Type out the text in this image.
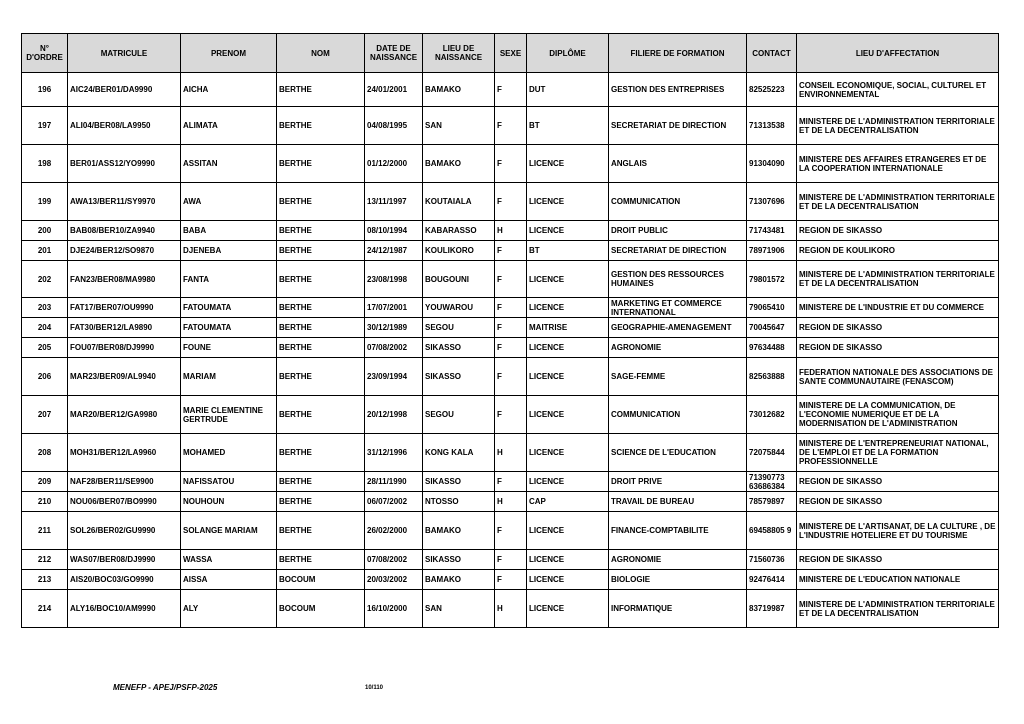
N° D'ORDRE	MATRICULE	PRENOM	NOM	DATE DE NAISSANCE	LIEU DE NAISSANCE	SEXE	DIPLÔME	FILIERE DE FORMATION	CONTACT	LIEU D'AFFECTATION
196	AIC24/BER01/DA9990	AICHA	BERTHE	24/01/2001	BAMAKO	F	DUT	GESTION DES ENTREPRISES	82525223	CONSEIL ECONOMIQUE, SOCIAL, CULTUREL ET ENVIRONNEMENTAL
197	ALI04/BER08/LA9950	ALIMATA	BERTHE	04/08/1995	SAN	F	BT	SECRETARIAT DE DIRECTION	71313538	MINISTERE DE L'ADMINISTRATION TERRITORIALE ET DE LA DECENTRALISATION
198	BER01/ASS12/YO9990	ASSITAN	BERTHE	01/12/2000	BAMAKO	F	LICENCE	ANGLAIS	91304090	MINISTERE DES AFFAIRES ETRANGERES ET DE LA COOPERATION INTERNATIONALE
199	AWA13/BER11/SY9970	AWA	BERTHE	13/11/1997	KOUTAIALA	F	LICENCE	COMMUNICATION	71307696	MINISTERE DE L'ADMINISTRATION TERRITORIALE ET DE LA DECENTRALISATION
200	BAB08/BER10/ZA9940	BABA	BERTHE	08/10/1994	KABARASSO	H	LICENCE	DROIT PUBLIC	71743481	REGION DE SIKASSO
201	DJE24/BER12/SO9870	DJENEBA	BERTHE	24/12/1987	KOULIKORO	F	BT	SECRETARIAT DE DIRECTION	78971906	REGION DE KOULIKORO
202	FAN23/BER08/MA9980	FANTA	BERTHE	23/08/1998	BOUGOUNI	F	LICENCE	GESTION DES RESSOURCES HUMAINES	79801572	MINISTERE DE L'ADMINISTRATION TERRITORIALE ET DE LA DECENTRALISATION
203	FAT17/BER07/OU9990	FATOUMATA	BERTHE	17/07/2001	YOUWAROU	F	LICENCE	MARKETING ET COMMERCE INTERNATIONAL	79065410	MINISTERE DE L'INDUSTRIE ET DU COMMERCE
204	FAT30/BER12/LA9890	FATOUMATA	BERTHE	30/12/1989	SEGOU	F	MAITRISE	GEOGRAPHIE-AMENAGEMENT	70045647	REGION DE SIKASSO
205	FOU07/BER08/DJ9990	FOUNE	BERTHE	07/08/2002	SIKASSO	F	LICENCE	AGRONOMIE	97634488	REGION DE SIKASSO
206	MAR23/BER09/AL9940	MARIAM	BERTHE	23/09/1994	SIKASSO	F	LICENCE	SAGE-FEMME	82563888	FEDERATION NATIONALE DES ASSOCIATIONS DE SANTE COMMUNAUTAIRE (FENASCOM)
207	MAR20/BER12/GA9980	MARIE CLEMENTINE GERTRUDE	BERTHE	20/12/1998	SEGOU	F	LICENCE	COMMUNICATION	73012682	MINISTERE DE LA COMMUNICATION, DE L'ECONOMIE NUMERIQUE ET DE LA MODERNISATION DE L'ADMINISTRATION
208	MOH31/BER12/LA9960	MOHAMED	BERTHE	31/12/1996	KONG KALA	H	LICENCE	SCIENCE DE L'EDUCATION	72075844	MINISTERE DE L'ENTREPRENEURIAT NATIONAL, DE L'EMPLOI ET DE LA FORMATION PROFESSIONNELLE
209	NAF28/BER11/SE9900	NAFISSATOU	BERTHE	28/11/1990	SIKASSO	F	LICENCE	DROIT PRIVE	71390773 63686384	REGION DE SIKASSO
210	NOU06/BER07/BO9990	NOUHOUN	BERTHE	06/07/2002	NTOSSO	H	CAP	TRAVAIL DE BUREAU	78579897	REGION DE SIKASSO
211	SOL26/BER02/GU9990	SOLANGE MARIAM	BERTHE	26/02/2000	BAMAKO	F	LICENCE	FINANCE-COMPTABILITE	69458805 9	MINISTERE DE L'ARTISANAT, DE LA CULTURE , DE L'INDUSTRIE HOTELIERE ET DU TOURISME
212	WAS07/BER08/DJ9990	WASSA	BERTHE	07/08/2002	SIKASSO	F	LICENCE	AGRONOMIE	71560736	REGION DE SIKASSO
213	AIS20/BOC03/GO9990	AISSA	BOCOUM	20/03/2002	BAMAKO	F	LICENCE	BIOLOGIE	92476414	MINISTERE DE L'EDUCATION NATIONALE
214	ALY16/BOC10/AM9990	ALY	BOCOUM	16/10/2000	SAN	H	LICENCE	INFORMATIQUE	83719987	MINISTERE DE L'ADMINISTRATION TERRITORIALE ET DE LA DECENTRALISATION
MENEFP - APEJ/PSFP-2025	10/110
